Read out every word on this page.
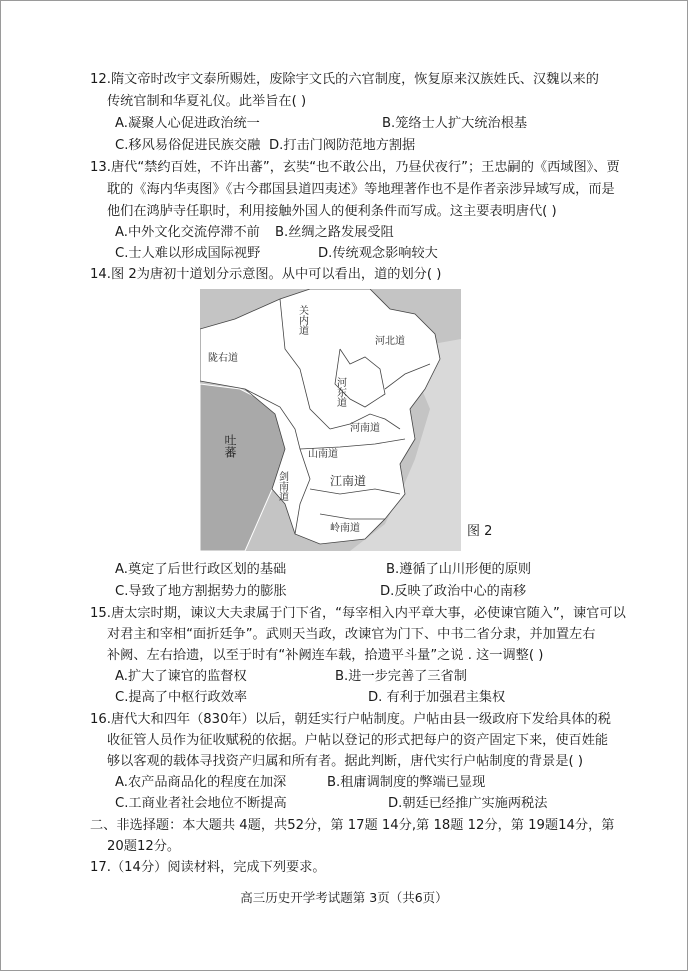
12.隋文帝时改宇文泰所赐姓，废除宇文氏的六官制度，恢复原来汉族姓氏、汉魏以来的
传统官制和华夏礼仪。此举旨在( )
A.凝聚人心促进政治统一	B.笼络士人扩大统治根基
C.移风易俗促进民族交融 D.打击门阀防范地方割据
13.唐代“禁约百姓，不许出蕃”，玄奘“也不敢公出，乃昼伏夜行”；王忠嗣的《西域图》、贾
耽的《海内华夷图》《古今郡国县道四夷述》等地理著作也不是作者亲涉异域写成，而是
他们在鸿胪寺任职时，利用接触外国人的便利条件而写成。这主要表明唐代( )
A.中外文化交流停滞不前 B.丝绸之路发展受阻
C.士人难以形成国际视野	D.传统观念影响较大
14.图 2为唐初十道划分示意图。从中可以看出，道的划分( )
关内道
陇右道
吐蕃
河东道
河北道
河南道
山南道
剑南道	江南道
岭南道	图 2
A.奠定了后世行政区划的基础	B.遵循了山川形便的原则
C.导致了地方割据势力的膨胀	D.反映了政治中心的南移
15.唐太宗时期，谏议大夫隶属于门下省，“每宰相入内平章大事，必使谏官随入”，谏官可以
对君主和宰相“面折廷争”。武则天当政，改谏官为门下、中书二省分隶，并加置左右
补阙、左右拾遗，以至于时有“补阙连车载，拾遗平斗量”之说 . 这一调整( )
A.扩大了谏官的监督权	B.进一步完善了三省制
C.提高了中枢行政效率	D. 有利于加强君主集权
16.唐代大和四年（830年）以后，朝廷实行户帖制度。户帖由县一级政府下发给具体的税
收征管人员作为征收赋税的依据。户帖以登记的形式把每户的资产固定下来，使百姓能
够以客观的载体寻找资产归属和所有者。据此判断，唐代实行户帖制度的背景是( )
A.农产品商品化的程度在加深	B.租庸调制度的弊端已显现
C.工商业者社会地位不断提高	D.朝廷已经推广实施两税法
二、非选择题：本大题共 4题，共52分，第 17题 14分,第 18题 12分，第 19题14分，第
20题12分。
17.（14分）阅读材料，完成下列要求。
高三历史开学考试题第 3页（共6页）
